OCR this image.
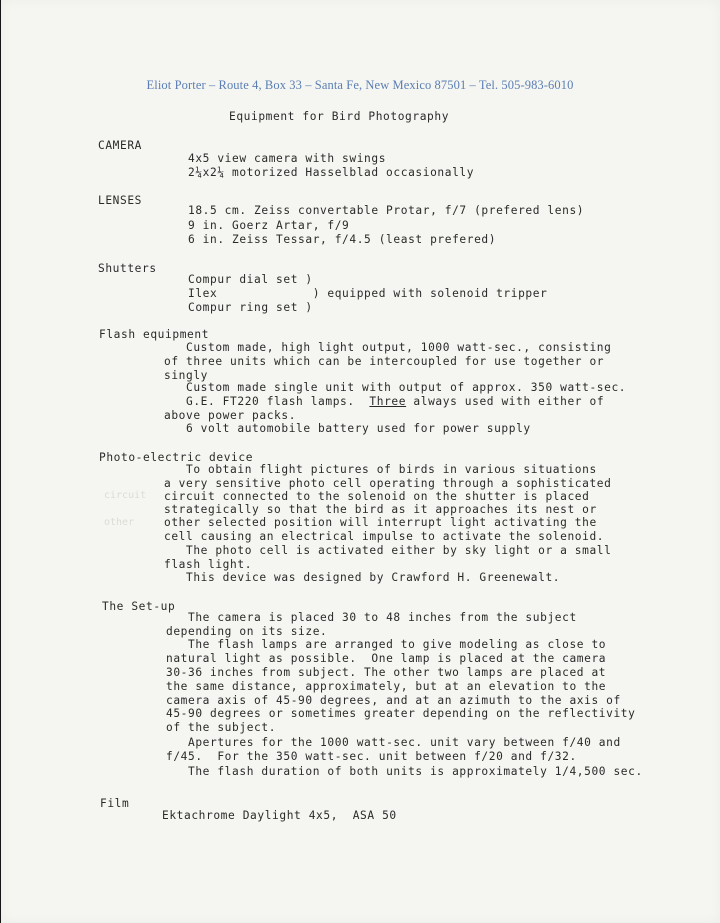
Eliot Porter – Route 4, Box 33 – Santa Fe, New Mexico 87501 – Tel. 505-983-6010
Equipment for Bird Photography
CAMERA
4x5 view camera with swings
2¼x2¼ motorized Hasselblad occasionally
LENSES
18.5 cm. Zeiss convertable Protar, f/7 (prefered lens)
9 in. Goerz Artar, f/9
6 in. Zeiss Tessar, f/4.5 (least prefered)
Shutters
Compur dial set )
Ilex             ) equipped with solenoid tripper
Compur ring set )
Flash equipment
Custom made, high light output, 1000 watt-sec., consisting
of three units which can be intercoupled for use together or
singly
Custom made single unit with output of approx. 350 watt-sec.
G.E. FT220 flash lamps.  Three always used with either of
above power packs.
6 volt automobile battery used for power supply
Photo-electric device
To obtain flight pictures of birds in various situations
a very sensitive photo cell operating through a sophisticated
circuit circuit connected to the solenoid on the shutter is placed
strategically so that the bird as it approaches its nest or
other	other selected position will interrupt light activating the
cell causing an electrical impulse to activate the solenoid.
The photo cell is activated either by sky light or a small
flash light.
This device was designed by Crawford H. Greenewalt.
The Set-up
The camera is placed 30 to 48 inches from the subject
depending on its size.
The flash lamps are arranged to give modeling as close to
natural light as possible.  One lamp is placed at the camera
30-36 inches from subject. The other two lamps are placed at
the same distance, approximately, but at an elevation to the
camera axis of 45-90 degrees, and at an azimuth to the axis of
45-90 degrees or sometimes greater depending on the reflectivity
of the subject.
Apertures for the 1000 watt-sec. unit vary between f/40 and
f/45.  For the 350 watt-sec. unit between f/20 and f/32.
The flash duration of both units is approximately 1/4,500 sec.
Film
Ektachrome Daylight 4x5,  ASA 50
